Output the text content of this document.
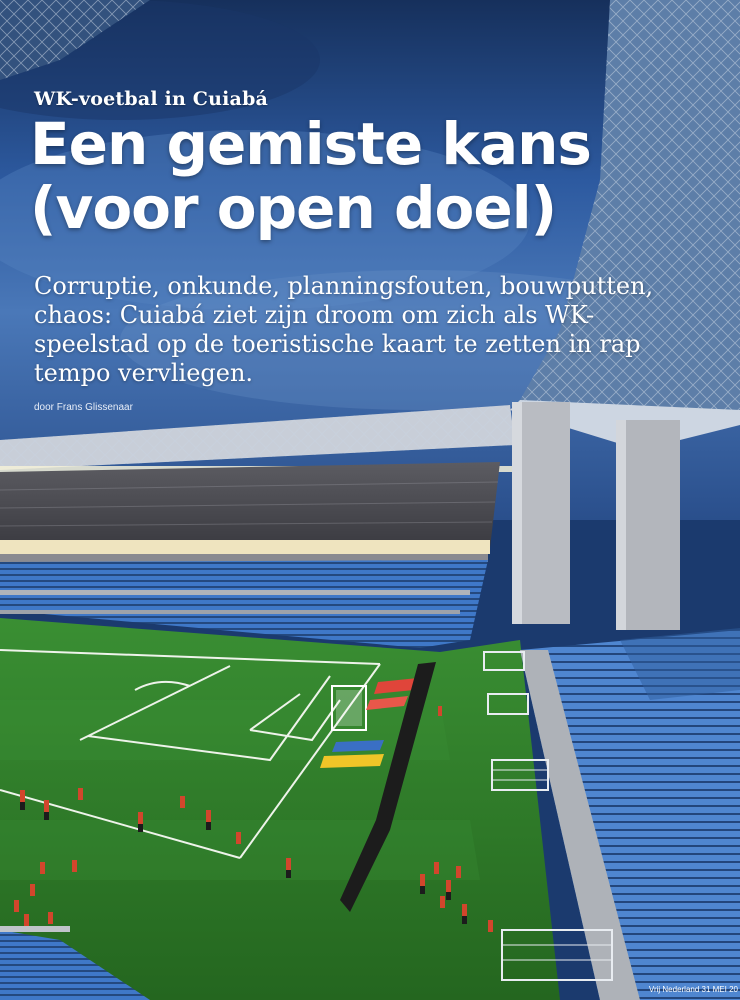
WK-voetbal in Cuiabá
Een gemiste kans
(voor open doel)
Corruptie, onkunde, planningsfouten, bouwputten, chaos: Cuiabá ziet zijn droom om zich als WK-speelstad op de toeristische kaart te zetten in rap tempo vervliegen.
door Frans Glissenaar
Vrij Nederland 31 MEI 20
